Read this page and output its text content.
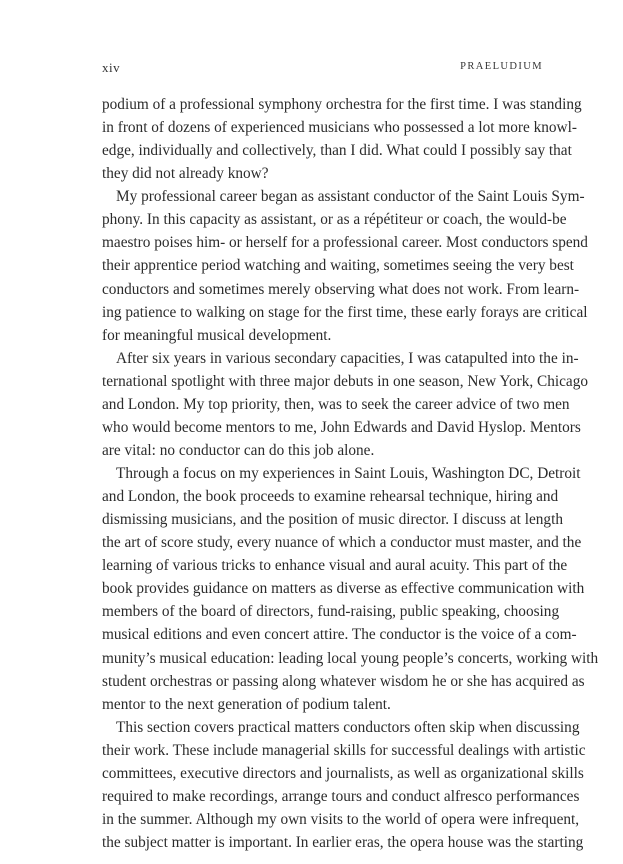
xiv	PRAELUDIUM
podium of a professional symphony orchestra for the first time. I was standing
in front of dozens of experienced musicians who possessed a lot more knowl-
edge, individually and collectively, than I did. What could I possibly say that
they did not already know?
My professional career began as assistant conductor of the Saint Louis Sym-
phony. In this capacity as assistant, or as a répétiteur or coach, the would-be
maestro poises him- or herself for a professional career. Most conductors spend
their apprentice period watching and waiting, sometimes seeing the very best
conductors and sometimes merely observing what does not work. From learn-
ing patience to walking on stage for the first time, these early forays are critical
for meaningful musical development.
After six years in various secondary capacities, I was catapulted into the in-
ternational spotlight with three major debuts in one season, New York, Chicago
and London. My top priority, then, was to seek the career advice of two men
who would become mentors to me, John Edwards and David Hyslop. Mentors
are vital: no conductor can do this job alone.
Through a focus on my experiences in Saint Louis, Washington DC, Detroit
and London, the book proceeds to examine rehearsal technique, hiring and
dismissing musicians, and the position of music director. I discuss at length
the art of score study, every nuance of which a conductor must master, and the
learning of various tricks to enhance visual and aural acuity. This part of the
book provides guidance on matters as diverse as effective communication with
members of the board of directors, fund-raising, public speaking, choosing
musical editions and even concert attire. The conductor is the voice of a com-
munity’s musical education: leading local young people’s concerts, working with
student orchestras or passing along whatever wisdom he or she has acquired as
mentor to the next generation of podium talent.
This section covers practical matters conductors often skip when discussing
their work. These include managerial skills for successful dealings with artistic
committees, executive directors and journalists, as well as organizational skills
required to make recordings, arrange tours and conduct alfresco performances
in the summer. Although my own visits to the world of opera were infrequent,
the subject matter is important. In earlier eras, the opera house was the starting
